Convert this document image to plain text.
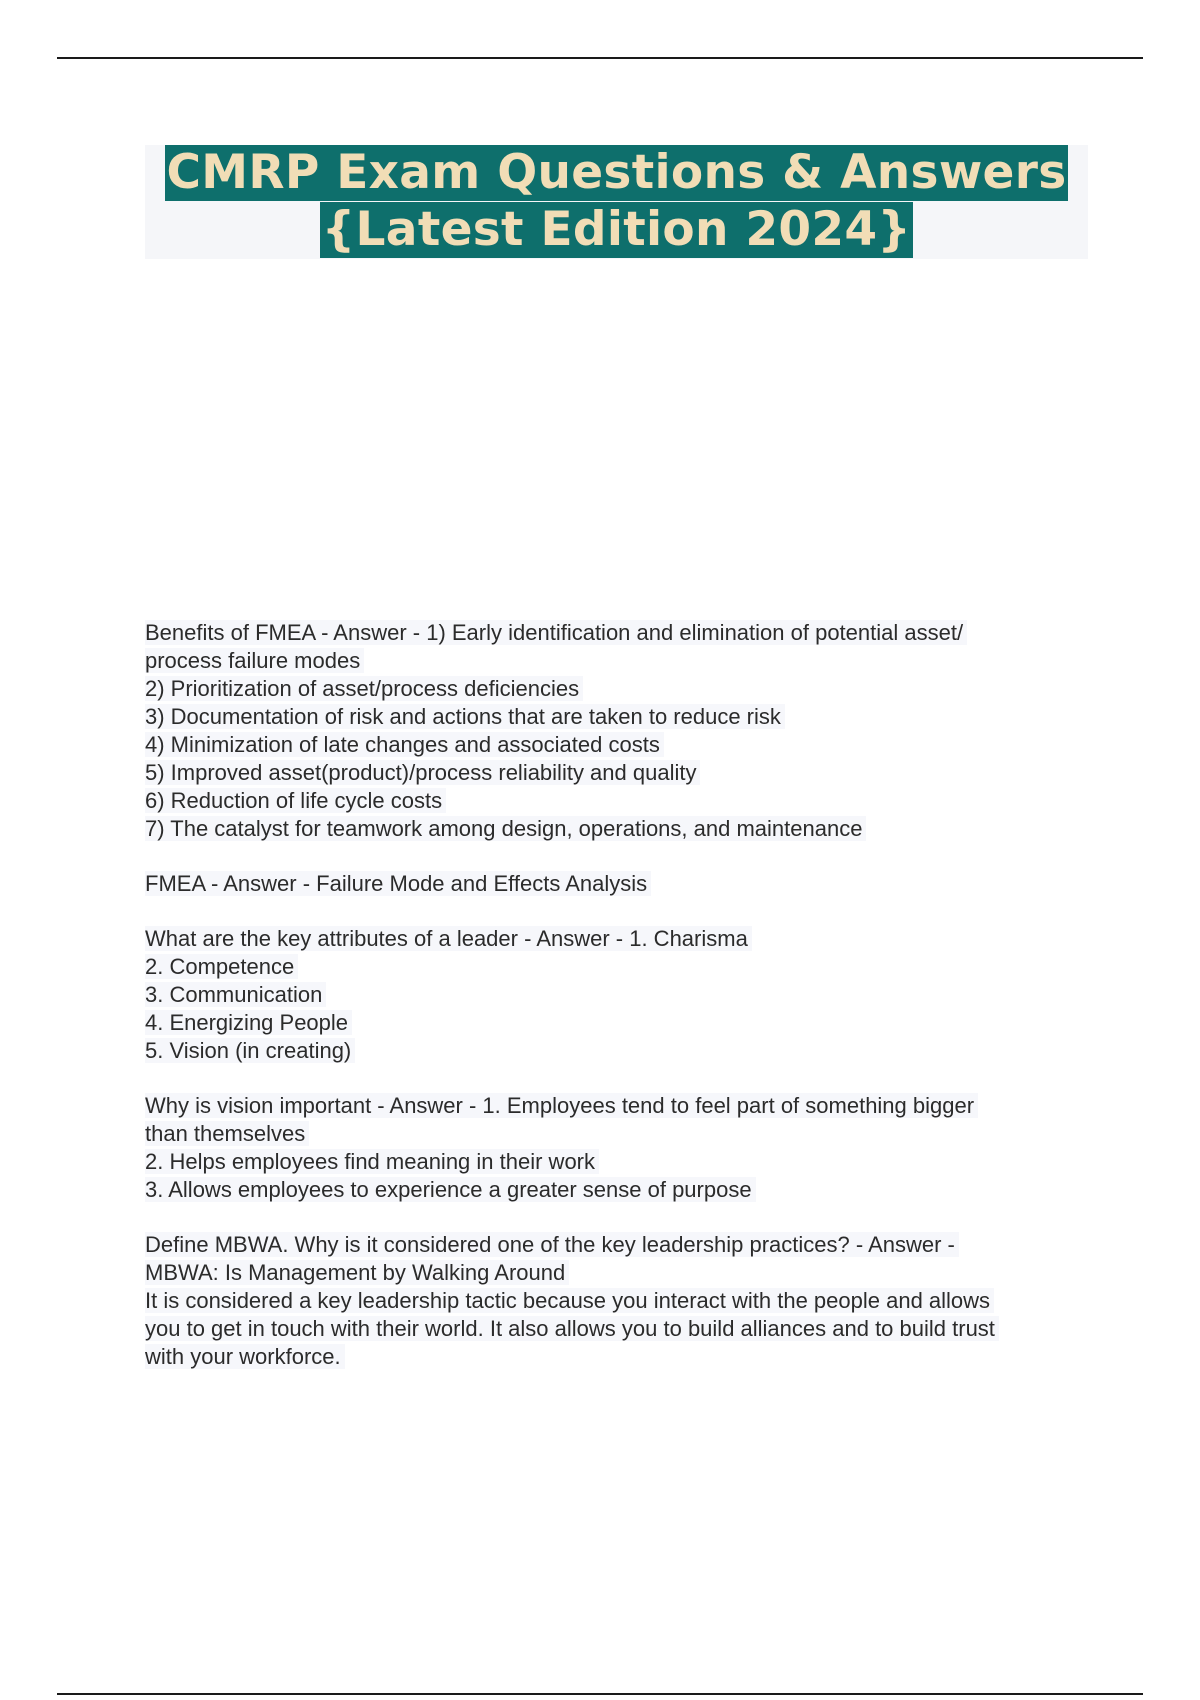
CMRP Exam Questions & Answers
{Latest Edition 2024}
Benefits of FMEA - Answer - 1) Early identification and elimination of potential asset/
process failure modes
2) Prioritization of asset/process deficiencies
3) Documentation of risk and actions that are taken to reduce risk
4) Minimization of late changes and associated costs
5) Improved asset(product)/process reliability and quality
6) Reduction of life cycle costs
7) The catalyst for teamwork among design, operations, and maintenance
FMEA - Answer - Failure Mode and Effects Analysis
What are the key attributes of a leader - Answer - 1. Charisma
2. Competence
3. Communication
4. Energizing People
5. Vision (in creating)
Why is vision important - Answer - 1. Employees tend to feel part of something bigger
than themselves
2. Helps employees find meaning in their work
3. Allows employees to experience a greater sense of purpose
Define MBWA. Why is it considered one of the key leadership practices? - Answer -
MBWA: Is Management by Walking Around
It is considered a key leadership tactic because you interact with the people and allows
you to get in touch with their world. It also allows you to build alliances and to build trust
with your workforce.
